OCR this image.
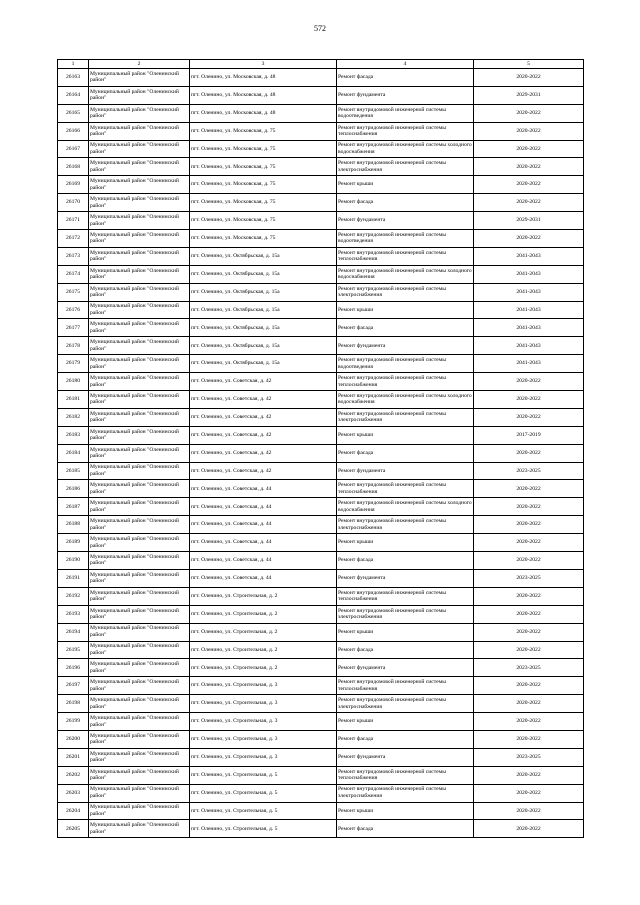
572
1	2	3	4	5
26163	Муниципальный район "Оленинский район"	пгт. Оленино, ул. Московская, д. 48	Ремонт фасада	2020-2022
26164	Муниципальный район "Оленинский район"	пгт. Оленино, ул. Московская, д. 48	Ремонт фундамента	2029-2031
26165	Муниципальный район "Оленинский район"	пгт. Оленино, ул. Московская, д. 48	Ремонт внутридомовой инженерной системы водоотведения	2020-2022
26166	Муниципальный район "Оленинский район"	пгт. Оленино, ул. Московская, д. 75	Ремонт внутридомовой инженерной системы теплоснабжения	2020-2022
26167	Муниципальный район "Оленинский район"	пгт. Оленино, ул. Московская, д. 75	Ремонт внутридомовой инженерной системы холодного водоснабжения	2020-2022
26168	Муниципальный район "Оленинский район"	пгт. Оленино, ул. Московская, д. 75	Ремонт внутридомовой инженерной системы электроснабжения	2020-2022
26169	Муниципальный район "Оленинский район"	пгт. Оленино, ул. Московская, д. 75	Ремонт крыши	2020-2022
26170	Муниципальный район "Оленинский район"	пгт. Оленино, ул. Московская, д. 75	Ремонт фасада	2020-2022
26171	Муниципальный район "Оленинский район"	пгт. Оленино, ул. Московская, д. 75	Ремонт фундамента	2029-2031
26172	Муниципальный район "Оленинский район"	пгт. Оленино, ул. Московская, д. 75	Ремонт внутридомовой инженерной системы водоотведения	2020-2022
26173	Муниципальный район "Оленинский район"	пгт. Оленино, ул. Октябрьская, д. 15а	Ремонт внутридомовой инженерной системы теплоснабжения	2041-2043
26174	Муниципальный район "Оленинский район"	пгт. Оленино, ул. Октябрьская, д. 15а	Ремонт внутридомовой инженерной системы холодного водоснабжения	2041-2043
26175	Муниципальный район "Оленинский район"	пгт. Оленино, ул. Октябрьская, д. 15а	Ремонт внутридомовой инженерной системы электроснабжения	2041-2043
26176	Муниципальный район "Оленинский район"	пгт. Оленино, ул. Октябрьская, д. 15а	Ремонт крыши	2041-2043
26177	Муниципальный район "Оленинский район"	пгт. Оленино, ул. Октябрьская, д. 15а	Ремонт фасада	2041-2043
26178	Муниципальный район "Оленинский район"	пгт. Оленино, ул. Октябрьская, д. 15а	Ремонт фундамента	2041-2043
26179	Муниципальный район "Оленинский район"	пгт. Оленино, ул. Октябрьская, д. 15а	Ремонт внутридомовой инженерной системы водоотведения	2041-2043
26180	Муниципальный район "Оленинский район"	пгт. Оленино, ул. Советская, д. 42	Ремонт внутридомовой инженерной системы теплоснабжения	2020-2022
26181	Муниципальный район "Оленинский район"	пгт. Оленино, ул. Советская, д. 42	Ремонт внутридомовой инженерной системы холодного водоснабжения	2020-2022
26182	Муниципальный район "Оленинский район"	пгт. Оленино, ул. Советская, д. 42	Ремонт внутридомовой инженерной системы электроснабжения	2020-2022
26183	Муниципальный район "Оленинский район"	пгт. Оленино, ул. Советская, д. 42	Ремонт крыши	2017-2019
26184	Муниципальный район "Оленинский район"	пгт. Оленино, ул. Советская, д. 42	Ремонт фасада	2020-2022
26185	Муниципальный район "Оленинский район"	пгт. Оленино, ул. Советская, д. 42	Ремонт фундамента	2023-2025
26186	Муниципальный район "Оленинский район"	пгт. Оленино, ул. Советская, д. 44	Ремонт внутридомовой инженерной системы теплоснабжения	2020-2022
26187	Муниципальный район "Оленинский район"	пгт. Оленино, ул. Советская, д. 44	Ремонт внутридомовой инженерной системы холодного водоснабжения	2020-2022
26188	Муниципальный район "Оленинский район"	пгт. Оленино, ул. Советская, д. 44	Ремонт внутридомовой инженерной системы электроснабжения	2020-2022
26189	Муниципальный район "Оленинский район"	пгт. Оленино, ул. Советская, д. 44	Ремонт крыши	2020-2022
26190	Муниципальный район "Оленинский район"	пгт. Оленино, ул. Советская, д. 44	Ремонт фасада	2020-2022
26191	Муниципальный район "Оленинский район"	пгт. Оленино, ул. Советская, д. 44	Ремонт фундамента	2023-2025
26192	Муниципальный район "Оленинский район"	пгт. Оленино, ул. Строительная, д. 2	Ремонт внутридомовой инженерной системы теплоснабжения	2020-2022
26193	Муниципальный район "Оленинский район"	пгт. Оленино, ул. Строительная, д. 2	Ремонт внутридомовой инженерной системы электроснабжения	2020-2022
26194	Муниципальный район "Оленинский район"	пгт. Оленино, ул. Строительная, д. 2	Ремонт крыши	2020-2022
26195	Муниципальный район "Оленинский район"	пгт. Оленино, ул. Строительная, д. 2	Ремонт фасада	2020-2022
26196	Муниципальный район "Оленинский район"	пгт. Оленино, ул. Строительная, д. 2	Ремонт фундамента	2023-2025
26197	Муниципальный район "Оленинский район"	пгт. Оленино, ул. Строительная, д. 3	Ремонт внутридомовой инженерной системы теплоснабжения	2020-2022
26198	Муниципальный район "Оленинский район"	пгт. Оленино, ул. Строительная, д. 3	Ремонт внутридомовой инженерной системы электроснабжения	2020-2022
26199	Муниципальный район "Оленинский район"	пгт. Оленино, ул. Строительная, д. 3	Ремонт крыши	2020-2022
26200	Муниципальный район "Оленинский район"	пгт. Оленино, ул. Строительная, д. 3	Ремонт фасада	2020-2022
26201	Муниципальный район "Оленинский район"	пгт. Оленино, ул. Строительная, д. 3	Ремонт фундамента	2023-2025
26202	Муниципальный район "Оленинский район"	пгт. Оленино, ул. Строительная, д. 5	Ремонт внутридомовой инженерной системы теплоснабжения	2020-2022
26203	Муниципальный район "Оленинский район"	пгт. Оленино, ул. Строительная, д. 5	Ремонт внутридомовой инженерной системы электроснабжения	2020-2022
26204	Муниципальный район "Оленинский район"	пгт. Оленино, ул. Строительная, д. 5	Ремонт крыши	2020-2022
26205	Муниципальный район "Оленинский район"	пгт. Оленино, ул. Строительная, д. 5	Ремонт фасада	2020-2022
